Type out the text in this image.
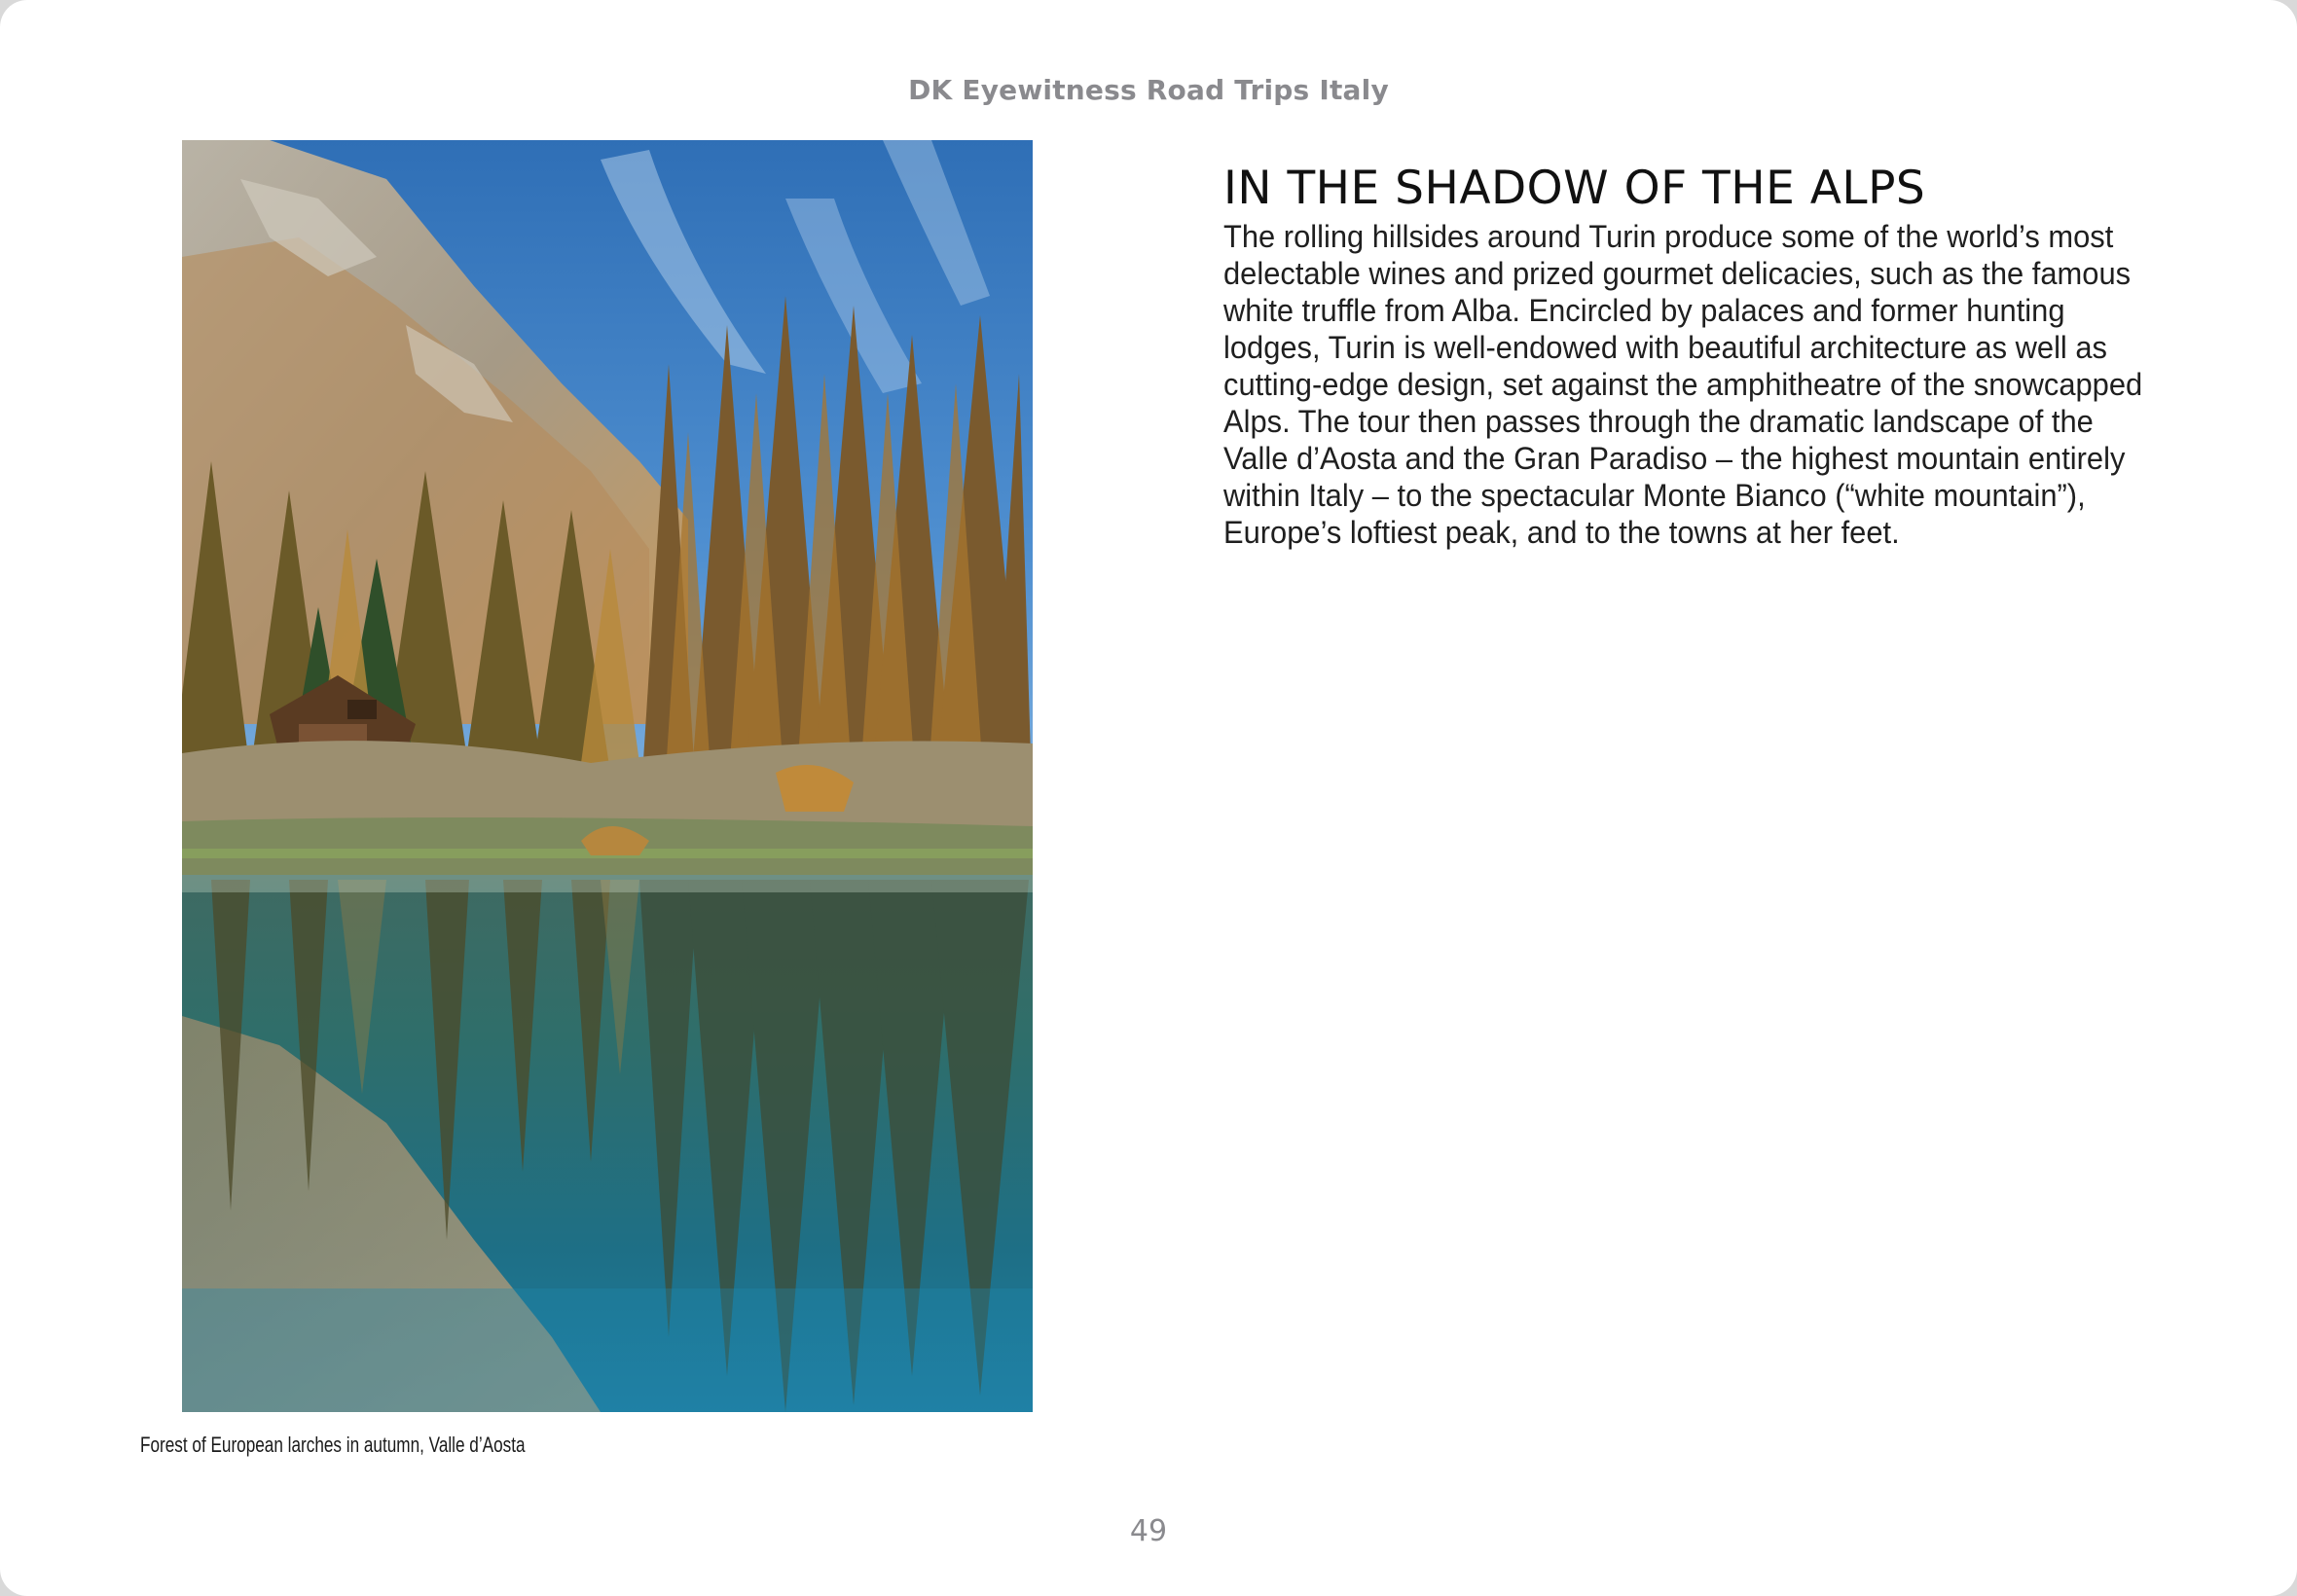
DK Eyewitness Road Trips Italy
Forest of European larches in autumn, Valle d’Aosta
IN THE SHADOW OF THE ALPS

The rolling hillsides around Turin produce some of the world’s most delectable wines and prized gourmet delicacies, such as the famous white truffle from Alba. Encircled by palaces and former hunting lodges, Turin is well-endowed with beautiful architecture as well as cutting-edge design, set against the amphitheatre of the snowcapped Alps. The tour then passes through the dramatic landscape of the Valle d’Aosta and the Gran Paradiso – the highest mountain entirely within Italy – to the spectacular Monte Bianco (“white mountain”), Europe’s loftiest peak, and to the towns at her feet.

49
